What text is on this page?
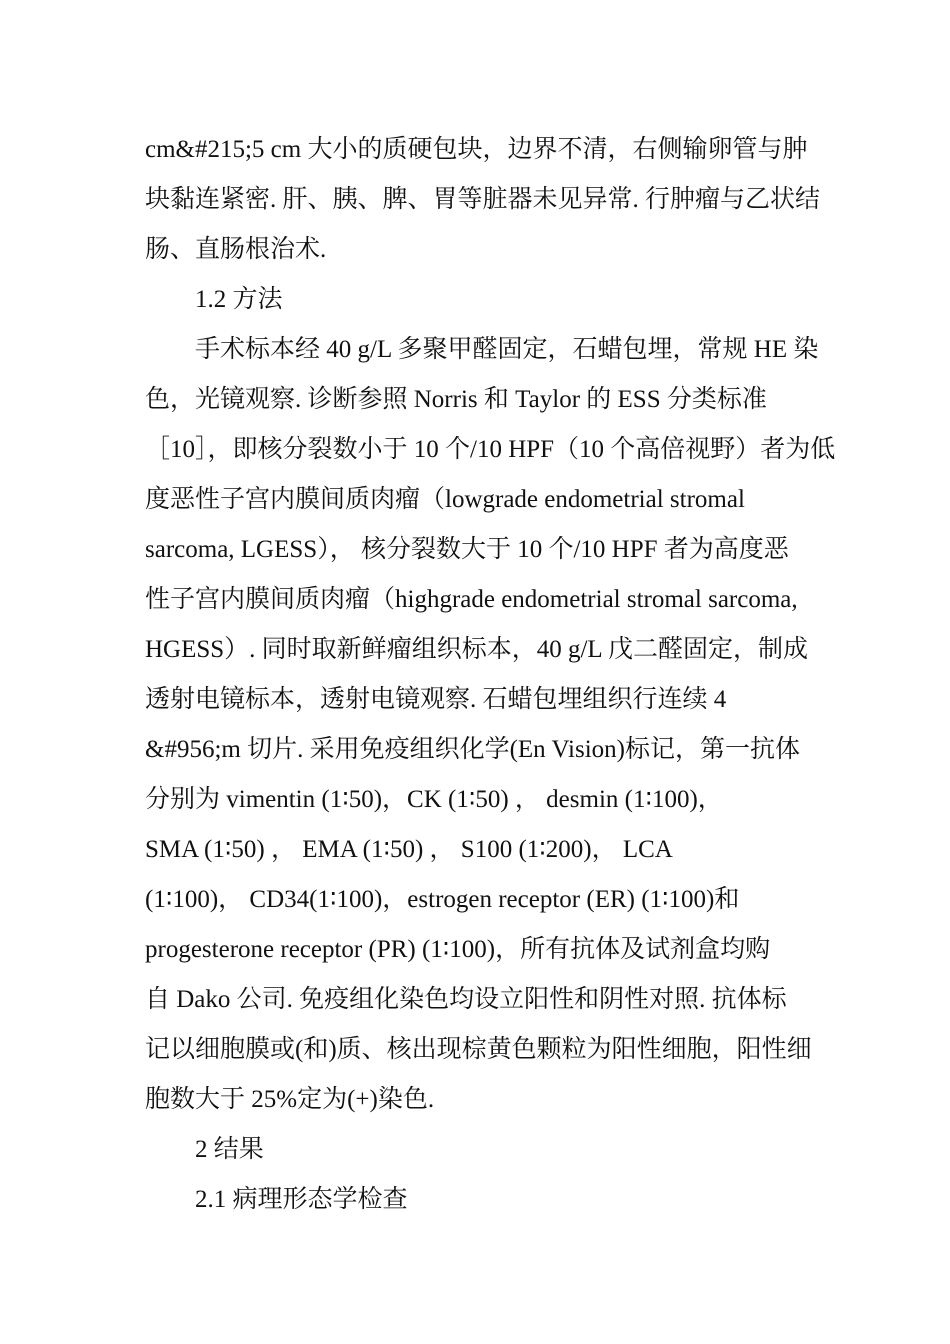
cm&#215;5 cm 大小的质硬包块，边界不清，右侧输卵管与肿
块黏连紧密. 肝、胰、脾、胃等脏器未见异常. 行肿瘤与乙状结
肠、直肠根治术.
1.2 方法
手术标本经 40 g/L 多聚甲醛固定，石蜡包埋，常规 HE 染
色，光镜观察. 诊断参照 Norris 和 Taylor 的 ESS 分类标准
［10］，即核分裂数小于 10 个/10 HPF（10 个高倍视野）者为低
度恶性子宫内膜间质肉瘤（lowgrade endometrial stromal
sarcoma, LGESS）， 核分裂数大于 10 个/10 HPF 者为高度恶
性子宫内膜间质肉瘤（highgrade endometrial stromal sarcoma,
HGESS）. 同时取新鲜瘤组织标本，40 g/L 戊二醛固定，制成
透射电镜标本，透射电镜观察. 石蜡包埋组织行连续 4
&#956;m 切片. 采用免疫组织化学(En Vision)标记，第一抗体
分别为 vimentin (1∶50)，CK (1∶50) ， desmin (1∶100)，
SMA (1∶50) ， EMA (1∶50) ， S100 (1∶200)， LCA
(1∶100)， CD34(1∶100)，estrogen receptor (ER) (1∶100)和
progesterone receptor (PR) (1∶100)，所有抗体及试剂盒均购
自 Dako 公司. 免疫组化染色均设立阳性和阴性对照. 抗体标
记以细胞膜或(和)质、核出现棕黄色颗粒为阳性细胞，阳性细
胞数大于 25%定为(+)染色.
2 结果
2.1 病理形态学检查
